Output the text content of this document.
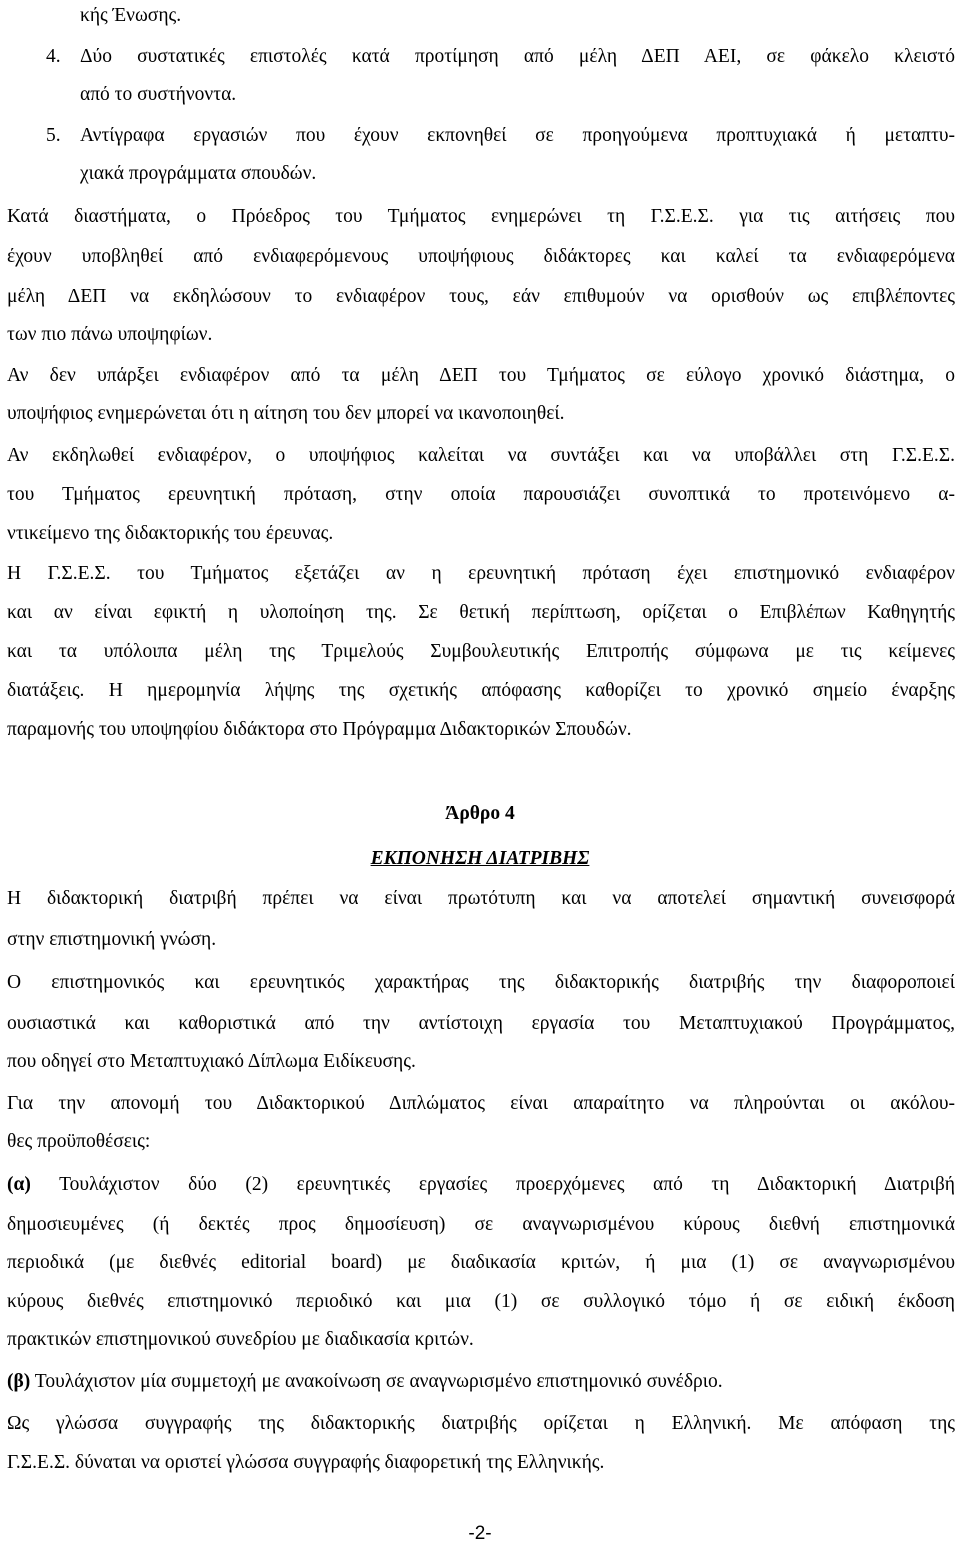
κής Ένωσης.
4. Δύο συστατικές επιστολές κατά προτίμηση από μέλη ΔΕΠ ΑΕΙ, σε φάκελο κλειστό
από το συστήνοντα.
5. Αντίγραφα εργασιών που έχουν εκπονηθεί σε προηγούμενα προπτυχιακά ή μεταπτυ-
χιακά προγράμματα σπουδών.
Κατά διαστήματα, ο Πρόεδρος του Τμήματος ενημερώνει τη Γ.Σ.Ε.Σ. για τις αιτήσεις που
έχουν υποβληθεί από ενδιαφερόμενους υποψήφιους διδάκτορες και καλεί τα ενδιαφερόμενα
μέλη ΔΕΠ να εκδηλώσουν το ενδιαφέρον τους, εάν επιθυμούν να ορισθούν ως επιβλέποντες
των πιο πάνω υποψηφίων.
Αν δεν υπάρξει ενδιαφέρον από τα μέλη ΔΕΠ του Τμήματος σε εύλογο χρονικό διάστημα, ο
υποψήφιος ενημερώνεται ότι η αίτηση του δεν μπορεί να ικανοποιηθεί.
Αν εκδηλωθεί ενδιαφέρον, ο υποψήφιος καλείται να συντάξει και να υποβάλλει στη Γ.Σ.Ε.Σ.
του Τμήματος ερευνητική πρόταση, στην οποία παρουσιάζει συνοπτικά το προτεινόμενο α-
ντικείμενο της διδακτορικής του έρευνας.
Η Γ.Σ.Ε.Σ. του Τμήματος εξετάζει αν η ερευνητική πρόταση έχει επιστημονικό ενδιαφέρον
και αν είναι εφικτή η υλοποίηση της. Σε θετική περίπτωση, ορίζεται ο Επιβλέπων Καθηγητής
και τα υπόλοιπα μέλη της Τριμελούς Συμβουλευτικής Επιτροπής σύμφωνα με τις κείμενες
διατάξεις. Η ημερομηνία λήψης της σχετικής απόφασης καθορίζει το χρονικό σημείο έναρξης
παραμονής του υποψηφίου διδάκτορα στο Πρόγραμμα Διδακτορικών Σπουδών.
Άρθρο 4
ΕΚΠΟΝΗΣΗ ΔΙΑΤΡΙΒΗΣ
Η διδακτορική διατριβή πρέπει να είναι πρωτότυπη και να αποτελεί σημαντική συνεισφορά
στην επιστημονική γνώση.
Ο επιστημονικός και ερευνητικός χαρακτήρας της διδακτορικής διατριβής την διαφοροποιεί
ουσιαστικά και καθοριστικά από την αντίστοιχη εργασία του Μεταπτυχιακού Προγράμματος,
που οδηγεί στο Μεταπτυχιακό Δίπλωμα Ειδίκευσης.
Για την απονομή του Διδακτορικού Διπλώματος είναι απαραίτητο να πληρούνται οι ακόλου-
θες προϋποθέσεις:
(α) Τουλάχιστον δύο (2) ερευνητικές εργασίες προερχόμενες από τη Διδακτορική Διατριβή
δημοσιευμένες (ή δεκτές προς δημοσίευση) σε αναγνωρισμένου κύρους διεθνή επιστημονικά
περιοδικά (με διεθνές editorial board) με διαδικασία κριτών, ή μια (1) σε αναγνωρισμένου
κύρους διεθνές επιστημονικό περιοδικό και μια (1) σε συλλογικό τόμο ή σε ειδική έκδοση
πρακτικών επιστημονικού συνεδρίου με διαδικασία κριτών.
(β) Τουλάχιστον μία συμμετοχή με ανακοίνωση σε αναγνωρισμένο επιστημονικό συνέδριο.
Ως γλώσσα συγγραφής της διδακτορικής διατριβής ορίζεται η Ελληνική. Με απόφαση της
Γ.Σ.Ε.Σ. δύναται να οριστεί γλώσσα συγγραφής διαφορετική της Ελληνικής.
-2-
